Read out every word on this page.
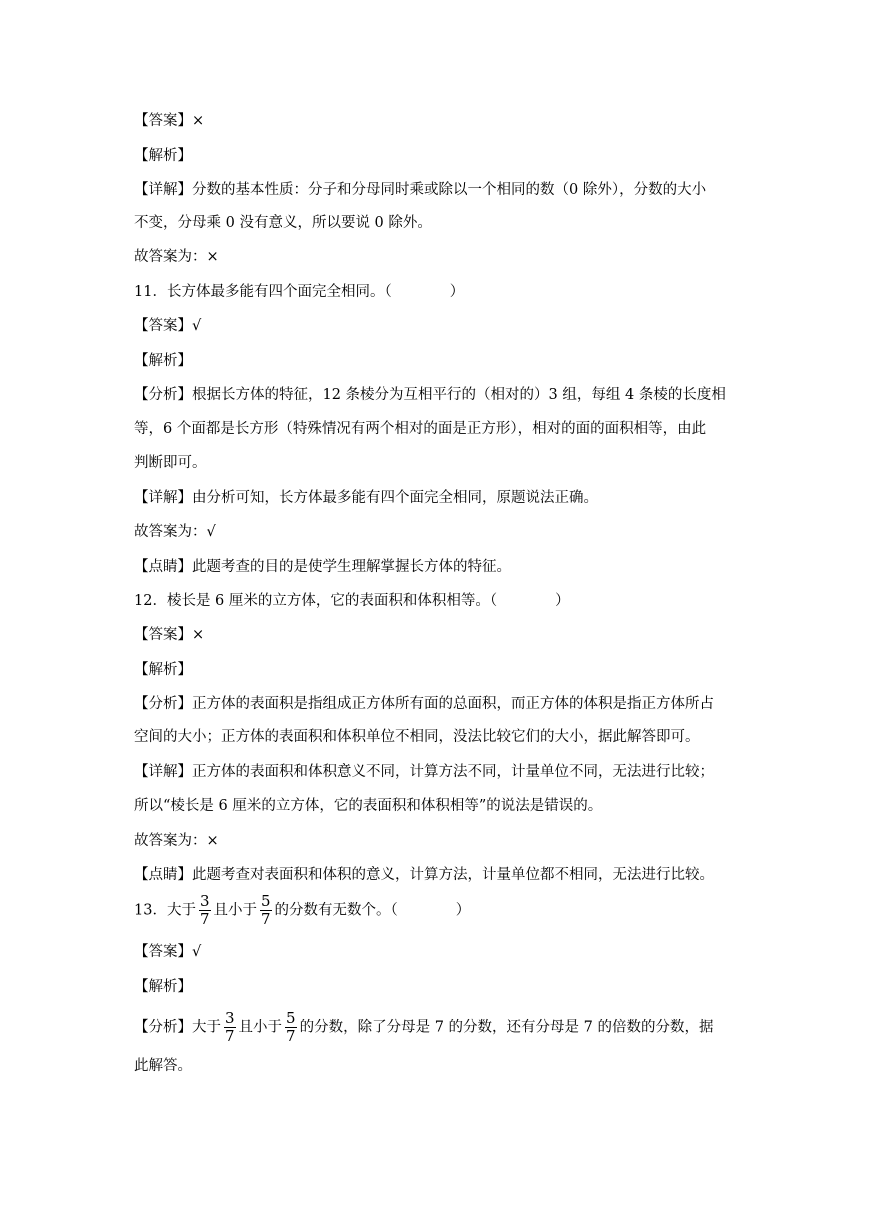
【答案】×
【解析】
【详解】分数的基本性质：分子和分母同时乘或除以一个相同的数（0 除外），分数的大小
不变，分母乘 0 没有意义，所以要说 0 除外。
故答案为：×
11．长方体最多能有四个面完全相同。（　　　　）
【答案】√
【解析】
【分析】根据长方体的特征，12 条棱分为互相平行的（相对的）3 组，每组 4 条棱的长度相
等，6 个面都是长方形（特殊情况有两个相对的面是正方形），相对的面的面积相等，由此
判断即可。
【详解】由分析可知，长方体最多能有四个面完全相同，原题说法正确。
故答案为：√
【点睛】此题考查的目的是使学生理解掌握长方体的特征。
12．棱长是 6 厘米的立方体，它的表面积和体积相等。（　　　　）
【答案】×
【解析】
【分析】正方体的表面积是指组成正方体所有面的总面积，而正方体的体积是指正方体所占
空间的大小；正方体的表面积和体积单位不相同，没法比较它们的大小，据此解答即可。
【详解】正方体的表面积和体积意义不同，计算方法不同，计量单位不同，无法进行比较；
所以“棱长是 6 厘米的立方体，它的表面积和体积相等”的说法是错误的。
故答案为：×
【点睛】此题考查对表面积和体积的意义，计算方法，计量单位都不相同，无法进行比较。
13．大于 $\frac{3}{7}$ 且小于 $\frac{5}{7}$ 的分数有无数个。（　　　　）
【答案】√
【解析】
【分析】大于 $\frac{3}{7}$ 且小于 $\frac{5}{7}$ 的分数，除了分母是 7 的分数，还有分母是 7 的倍数的分数，据
此解答。
